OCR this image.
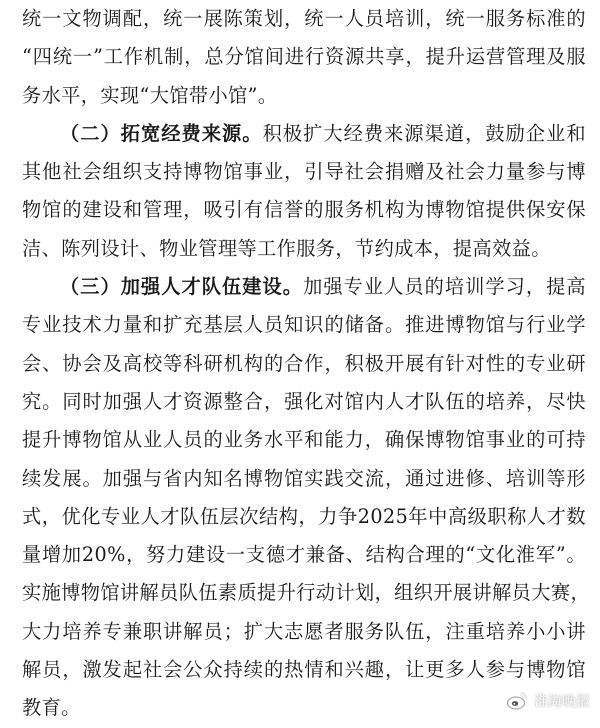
统一文物调配，统一展陈策划，统一人员培训，统一服务标准的
“四统一”工作机制，总分馆间进行资源共享，提升运营管理及服
务水平，实现“大馆带小馆”。
（二）拓宽经费来源。积极扩大经费来源渠道，鼓励企业和
其他社会组织支持博物馆事业，引导社会捐赠及社会力量参与博
物馆的建设和管理，吸引有信誉的服务机构为博物馆提供保安保
洁、陈列设计、物业管理等工作服务，节约成本，提高效益。
（三）加强人才队伍建设。加强专业人员的培训学习，提高
专业技术力量和扩充基层人员知识的储备。推进博物馆与行业学
会、协会及高校等科研机构的合作，积极开展有针对性的专业研
究。同时加强人才资源整合，强化对馆内人才队伍的培养，尽快
提升博物馆从业人员的业务水平和能力，确保博物馆事业的可持
续发展。加强与省内知名博物馆实践交流，通过进修、培训等形
式，优化专业人才队伍层次结构，力争2025年中高级职称人才数
量增加20%，努力建设一支德才兼备、结构合理的“文化淮军”。
实施博物馆讲解员队伍素质提升行动计划，组织开展讲解员大赛，
大力培养专兼职讲解员；扩大志愿者服务队伍，注重培养小小讲
解员，激发起社会公众持续的热情和兴趣，让更多人参与博物馆
教育。	淮海晚报
